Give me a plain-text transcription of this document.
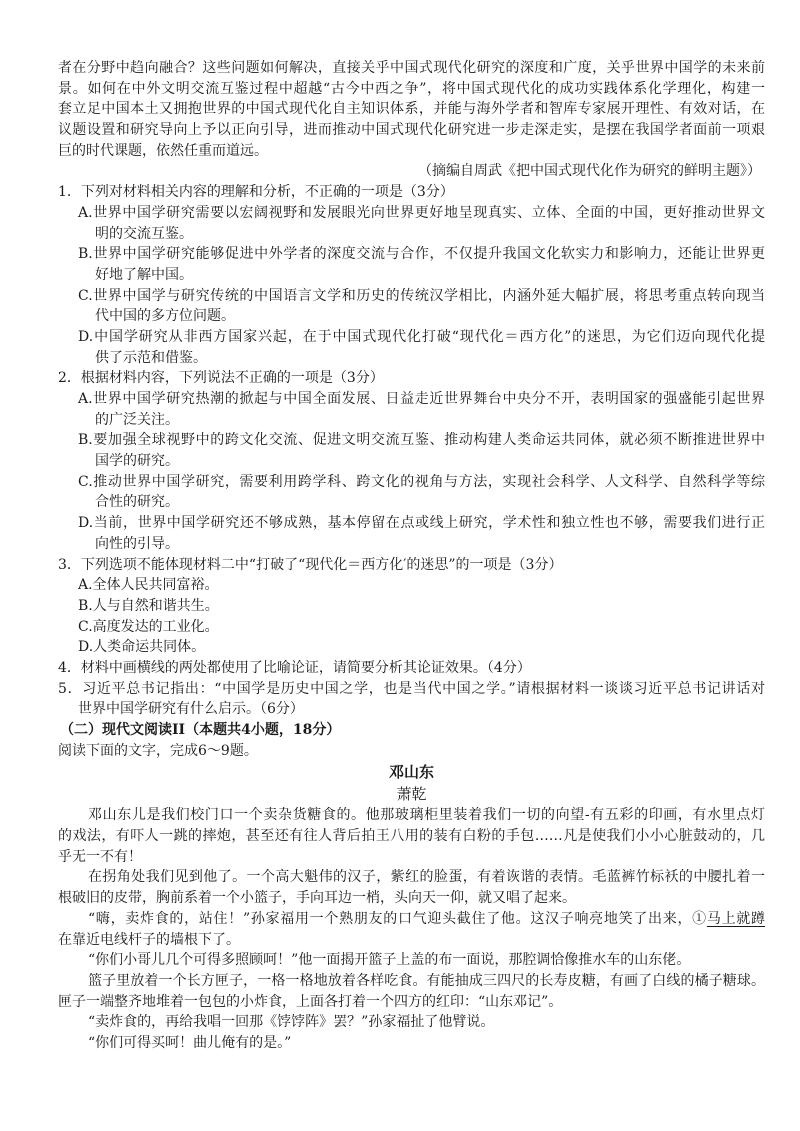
者在分野中趋向融合？这些问题如何解决，直接关乎中国式现代化研究的深度和广度，关乎世界中国学的未来前
景。如何在中外文明交流互鉴过程中超越“古今中西之争”，将中国式现代化的成功实践体系化学理化，构建一
套立足中国本土又拥抱世界的中国式现代化自主知识体系，并能与海外学者和智库专家展开理性、有效对话，在
议题设置和研究导向上予以正向引导，进而推动中国式现代化研究进一步走深走实，是摆在我国学者面前一项艰
巨的时代课题，依然任重而道远。
（摘编自周武《把中国式现代化作为研究的鲜明主题》）
1．下列对材料相关内容的理解和分析，不正确的一项是（3分）
A.世界中国学研究需要以宏阔视野和发展眼光向世界更好地呈现真实、立体、全面的中国，更好推动世界文
明的交流互鉴。
B.世界中国学研究能够促进中外学者的深度交流与合作，不仅提升我国文化软实力和影响力，还能让世界更
好地了解中国。
C.世界中国学与研究传统的中国语言文学和历史的传统汉学相比，内涵外延大幅扩展，将思考重点转向现当
代中国的多方位问题。
D.中国学研究从非西方国家兴起，在于中国式现代化打破“现代化＝西方化”的迷思，为它们迈向现代化提
供了示范和借鉴。
2．根据材料内容，下列说法不正确的一项是（3分）
A.世界中国学研究热潮的掀起与中国全面发展、日益走近世界舞台中央分不开，表明国家的强盛能引起世界
的广泛关注。
B.要加强全球视野中的跨文化交流、促进文明交流互鉴、推动构建人类命运共同体，就必须不断推进世界中
国学的研究。
C.推动世界中国学研究，需要利用跨学科、跨文化的视角与方法，实现社会科学、人文科学、自然科学等综
合性的研究。
D.当前，世界中国学研究还不够成熟，基本停留在点或线上研究，学术性和独立性也不够，需要我们进行正
向性的引导。
3．下列选项不能体现材料二中“打破了“现代化＝西方化′的迷思”的一项是（3分）
A.全体人民共同富裕。
B.人与自然和谐共生。
C.高度发达的工业化。
D.人类命运共同体。
4．材料中画横线的两处都使用了比喻论证，请简要分析其论证效果。（4分）
5．习近平总书记指出：“中国学是历史中国之学，也是当代中国之学。”请根据材料一谈谈习近平总书记讲话对
世界中国学研究有什么启示。（6分）
（二）现代文阅读II（本题共4小题，18分）
阅读下面的文字，完成6～9题。
邓山东
萧乾
邓山东儿是我们校门口一个卖杂货糖食的。他那玻璃柜里装着我们一切的向望-有五彩的印画，有水里点灯
的戏法，有吓人一跳的摔炮，甚至还有往人背后拍王八用的装有白粉的手包……凡是使我们小小心脏鼓动的，几
乎无一不有！
在拐角处我们见到他了。一个高大魁伟的汉子，紫红的脸蛋，有着诙谐的表情。毛蓝裤竹标袄的中腰扎着一
根破旧的皮带，胸前系着一个小篮子，手向耳边一梢，头向天一仰，就又唱了起来。
“嗨，卖炸食的，站住！”孙家福用一个熟朋友的口气迎头截住了他。这汉子响亮地笑了出来，①马上就蹲
在靠近电线杆子的墙根下了。
“你们小哥儿几个可得多照顾呵！”他一面揭开篮子上盖的布一面说，那腔调恰像推水车的山东佬。
篮子里放着一个长方匣子，一格一格地放着各样吃食。有能抽成三四尺的长寿皮糖，有画了白线的橘子糖球。
匣子一端整齐地堆着一包包的小炸食，上面各打着一个四方的红印：“山东邓记”。
“卖炸食的，再给我唱一回那《饽饽阵》罢？”孙家福扯了他臂说。
“你们可得买呵！曲儿俺有的是。”
